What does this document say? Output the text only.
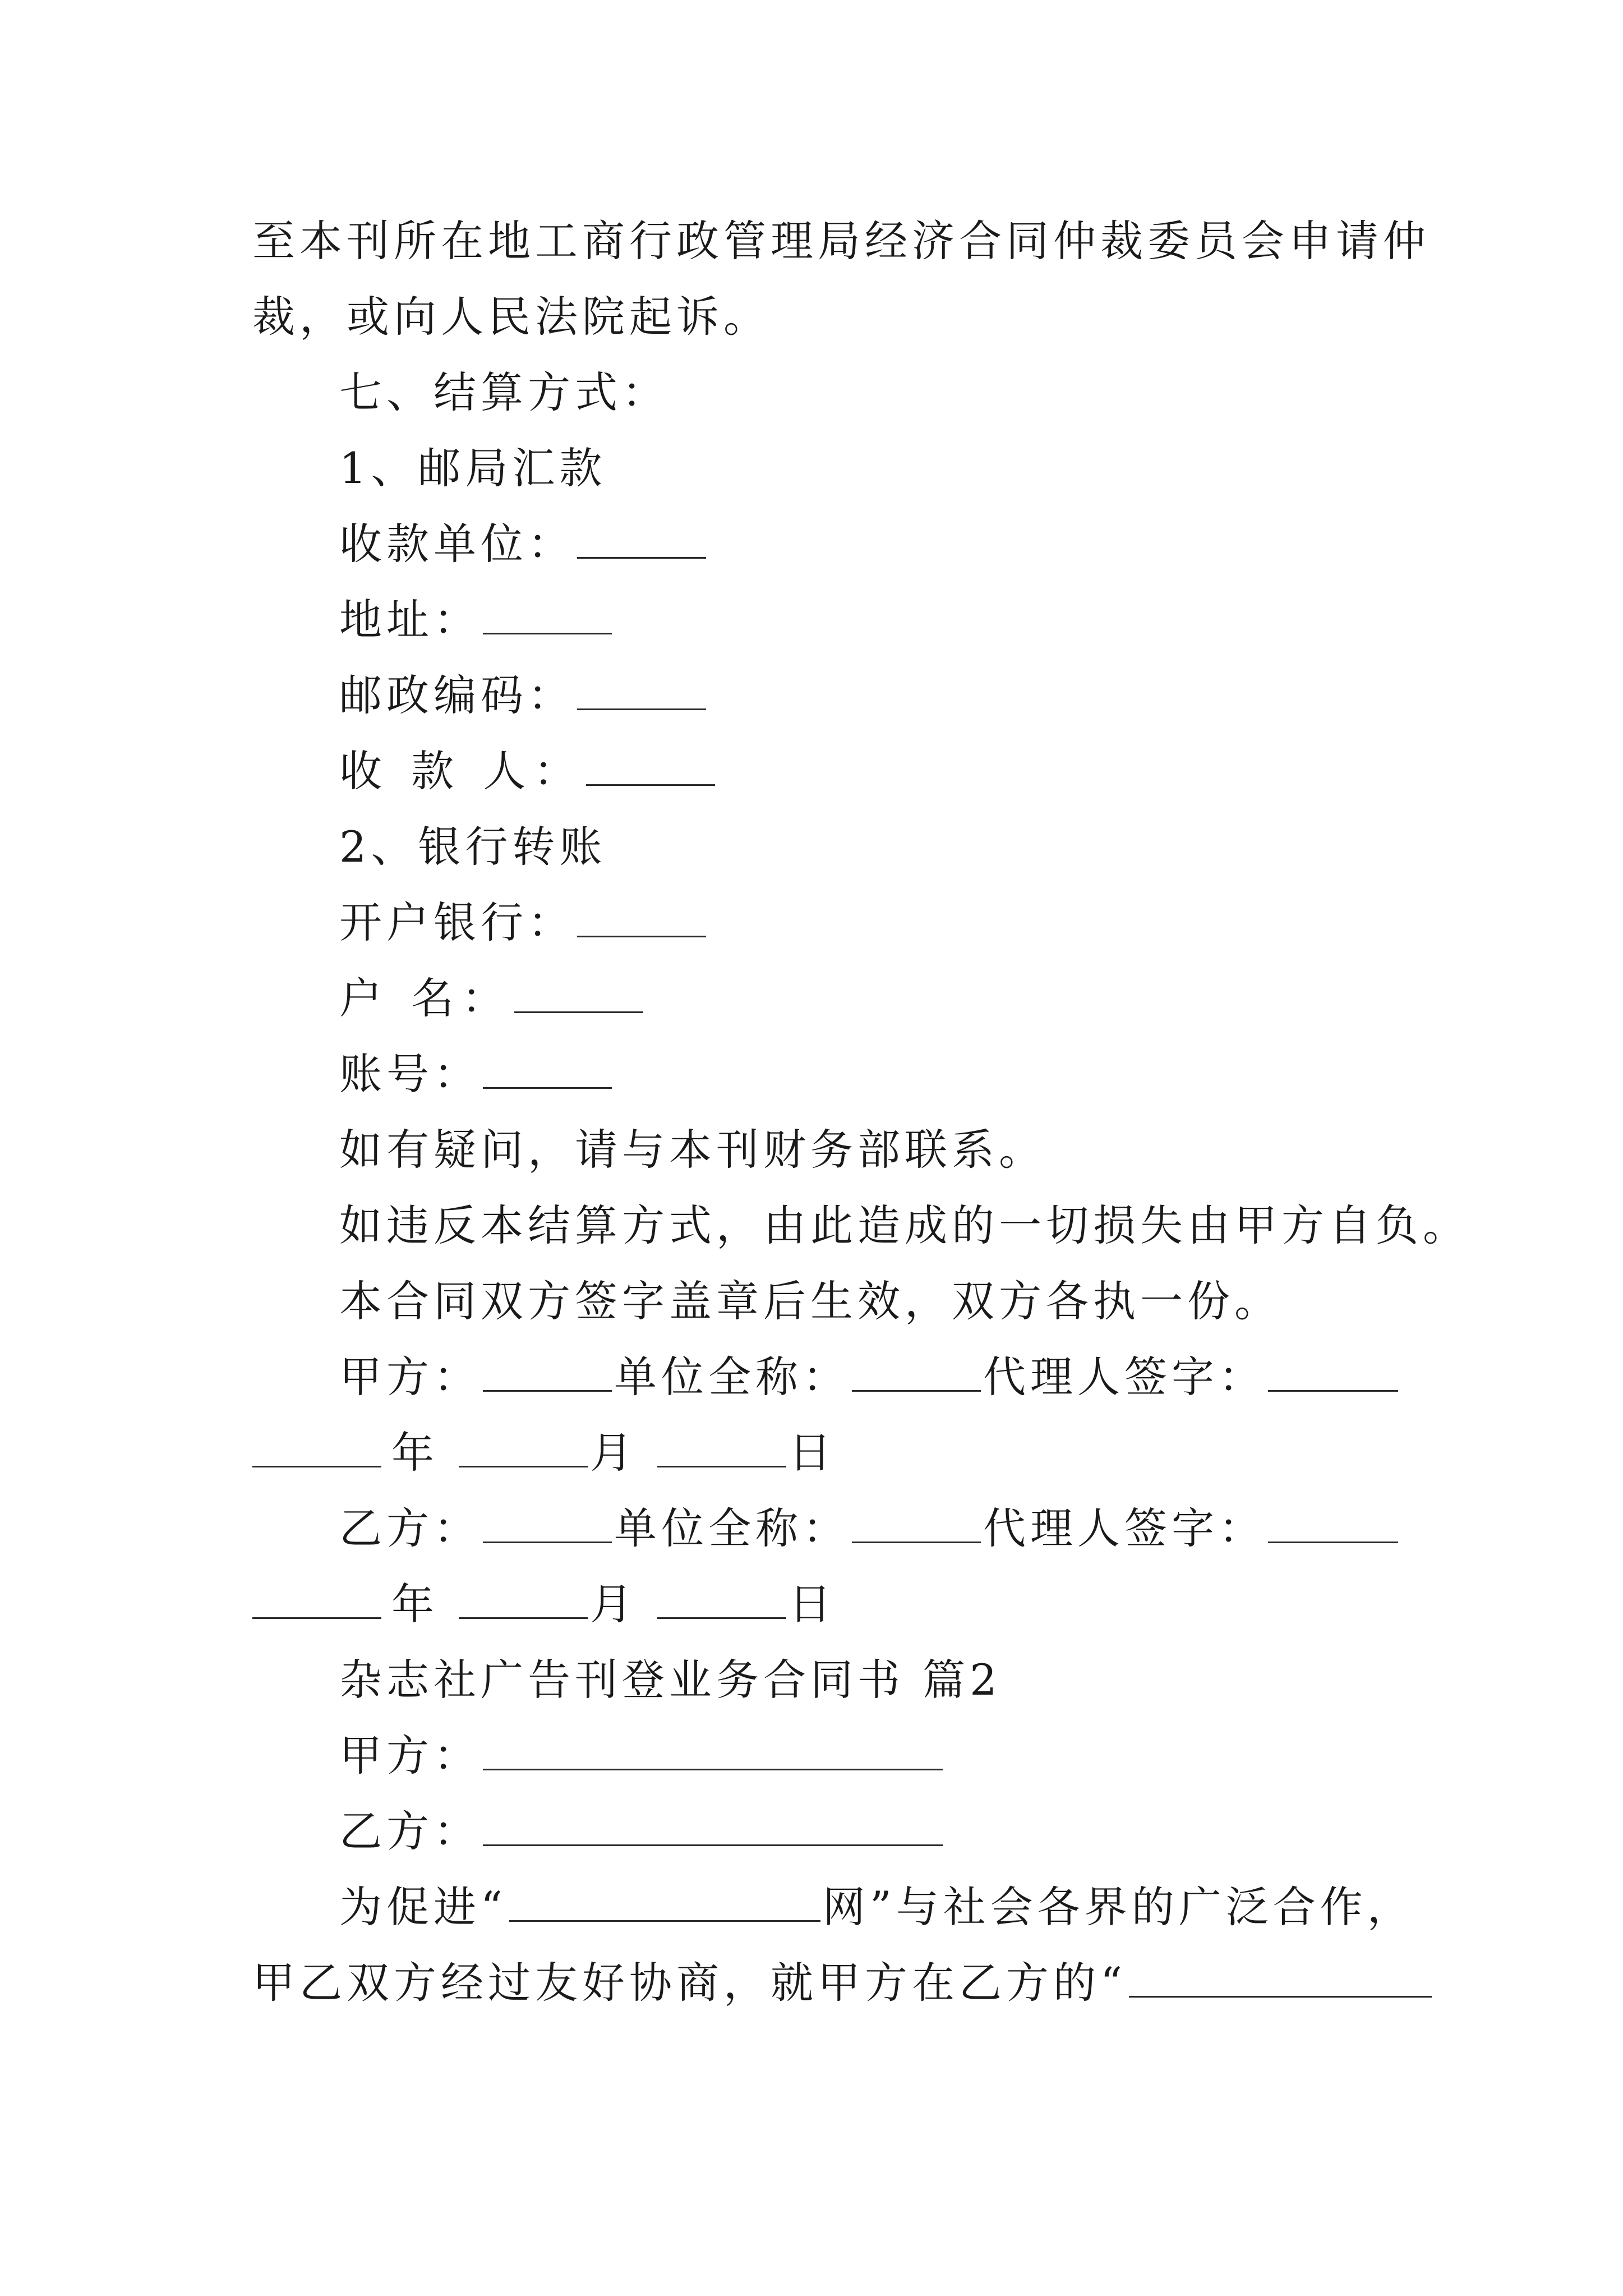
至本刊所在地工商行政管理局经济合同仲裁委员会申请仲
裁，或向人民法院起诉。
七、结算方式：
1、邮局汇款
收款单位：
地址：
邮政编码：
收 款 人：
2、银行转账
开户银行：
户 名：
账号：
如有疑问，请与本刊财务部联系。
如违反本结算方式，由此造成的一切损失由甲方自负。
本合同双方签字盖章后生效，双方各执一份。
甲方：	单位全称：	代理人签字：
年	月	日
乙方：	单位全称：	代理人签字：
年	月	日
杂志社广告刊登业务合同书 篇2
甲方：
乙方：
为促进“	网”与社会各界的广泛合作，
甲乙双方经过友好协商，就甲方在乙方的“
